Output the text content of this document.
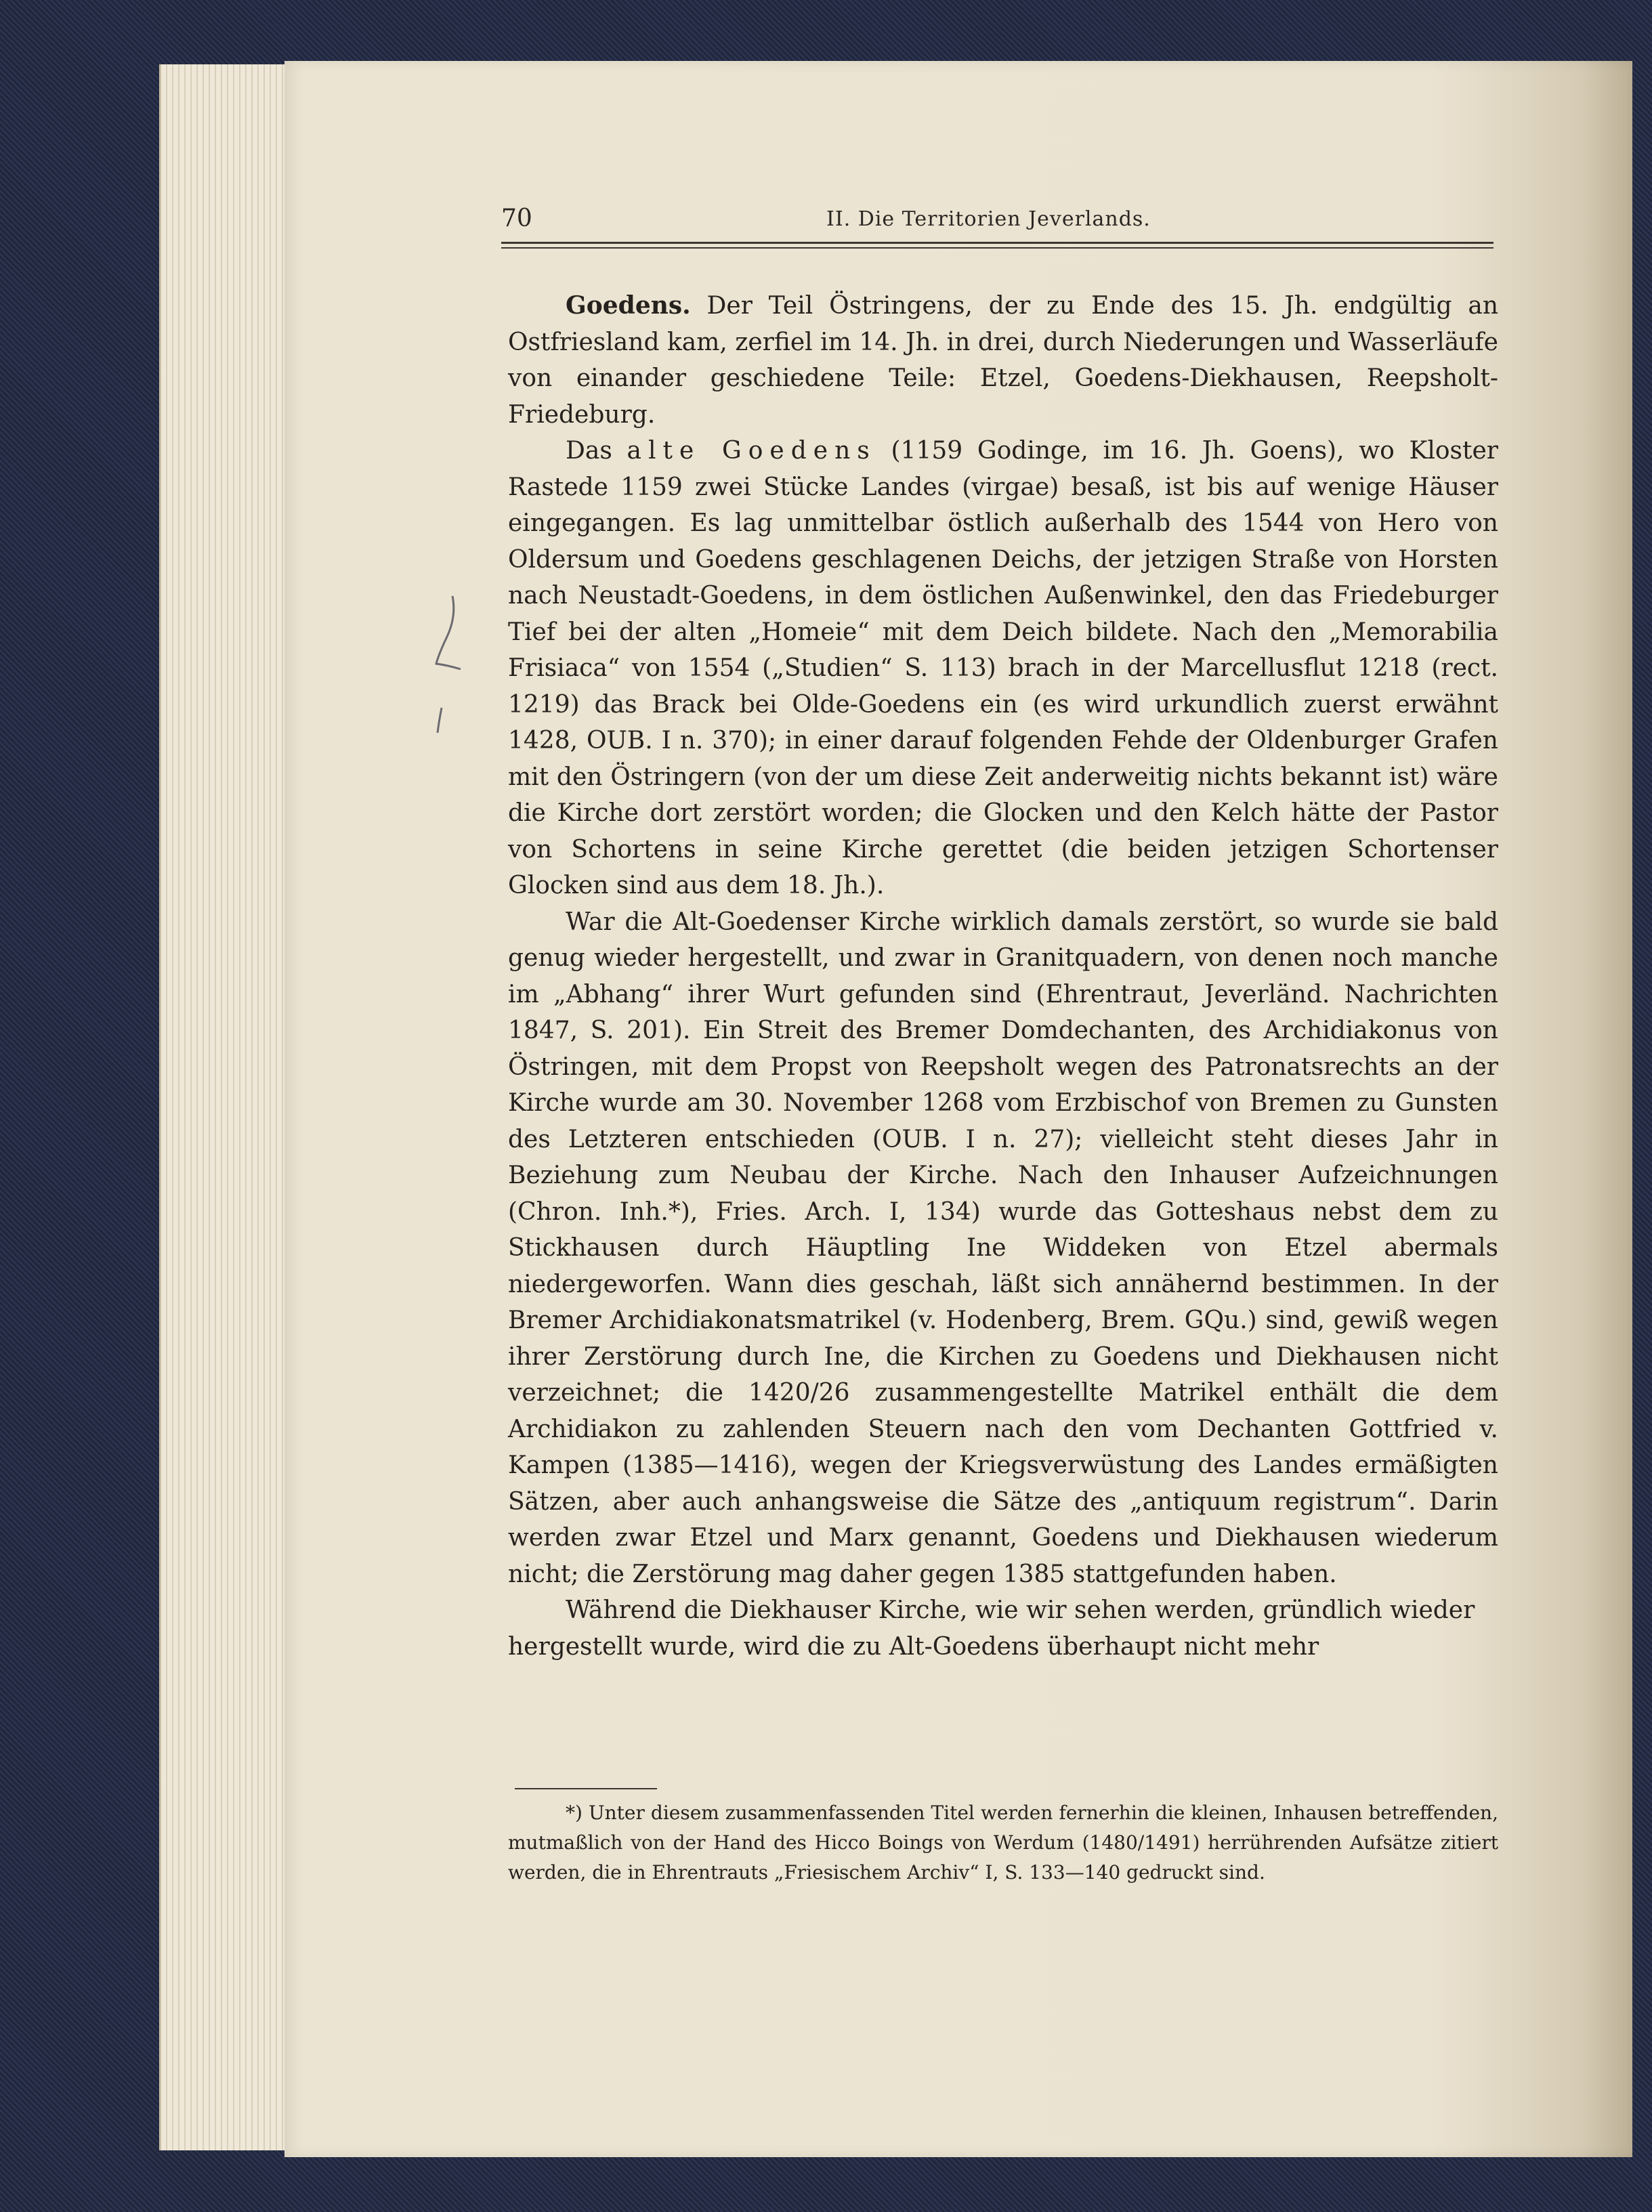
70	II. Die Territorien Jeverlands.

Goedens. Der Teil Östringens, der zu Ende des 15. Jh. endgültig an Ostfriesland kam, zerfiel im 14. Jh. in drei, durch Niederungen und Wasserläufe von einander geschiedene Teile: Etzel, Goedens-Diekhausen, Reepsholt-Friedeburg.

Das alte Goedens (1159 Godinge, im 16. Jh. Goens), wo Kloster Rastede 1159 zwei Stücke Landes (virgae) besaß, ist bis auf wenige Häuser eingegangen. Es lag unmittelbar östlich außerhalb des 1544 von Hero von Oldersum und Goedens geschlagenen Deichs, der jetzigen Straße von Horsten nach Neustadt-Goedens, in dem östlichen Außenwinkel, den das Friedeburger Tief bei der alten „Homeie“ mit dem Deich bildete. Nach den „Memorabilia Frisiaca“ von 1554 („Studien“ S. 113) brach in der Marcellusflut 1218 (rect. 1219) das Brack bei Olde-Goedens ein (es wird urkundlich zuerst erwähnt 1428, OUB. I n. 370); in einer darauf folgenden Fehde der Oldenburger Grafen mit den Östringern (von der um diese Zeit anderweitig nichts bekannt ist) wäre die Kirche dort zerstört worden; die Glocken und den Kelch hätte der Pastor von Schortens in seine Kirche gerettet (die beiden jetzigen Schortenser Glocken sind aus dem 18. Jh.).

War die Alt-Goedenser Kirche wirklich damals zerstört, so wurde sie bald genug wieder hergestellt, und zwar in Granitquadern, von denen noch manche im „Abhang“ ihrer Wurt gefunden sind (Ehrentraut, Jeverländ. Nachrichten 1847, S. 201). Ein Streit des Bremer Domdechanten, des Archidiakonus von Östringen, mit dem Propst von Reepsholt wegen des Patronatsrechts an der Kirche wurde am 30. November 1268 vom Erzbischof von Bremen zu Gunsten des Letzteren entschieden (OUB. I n. 27); vielleicht steht dieses Jahr in Beziehung zum Neubau der Kirche. Nach den Inhauser Aufzeichnungen (Chron. Inh.*), Fries. Arch. I, 134) wurde das Gotteshaus nebst dem zu Stickhausen durch Häuptling Ine Widdeken von Etzel abermals niedergeworfen. Wann dies geschah, läßt sich annähernd bestimmen. In der Bremer Archidiakonatsmatrikel (v. Hodenberg, Brem. GQu.) sind, gewiß wegen ihrer Zerstörung durch Ine, die Kirchen zu Goedens und Diekhausen nicht verzeichnet; die 1420/26 zusammengestellte Matrikel enthält die dem Archidiakon zu zahlenden Steuern nach den vom Dechanten Gottfried v. Kampen (1385—1416), wegen der Kriegsverwüstung des Landes ermäßigten Sätzen, aber auch anhangsweise die Sätze des „antiquum registrum“. Darin werden zwar Etzel und Marx genannt, Goedens und Diekhausen wiederum nicht; die Zerstörung mag daher gegen 1385 stattgefunden haben.

Während die Diekhauser Kirche, wie wir sehen werden, gründlich wieder hergestellt wurde, wird die zu Alt-Goedens überhaupt nicht mehr

*) Unter diesem zusammenfassenden Titel werden fernerhin die kleinen, Inhausen betreffenden, mutmaßlich von der Hand des Hicco Boings von Werdum (1480/1491) herrührenden Aufsätze zitiert werden, die in Ehrentrauts „Friesischem Archiv“ I, S. 133—140 gedruckt sind.
